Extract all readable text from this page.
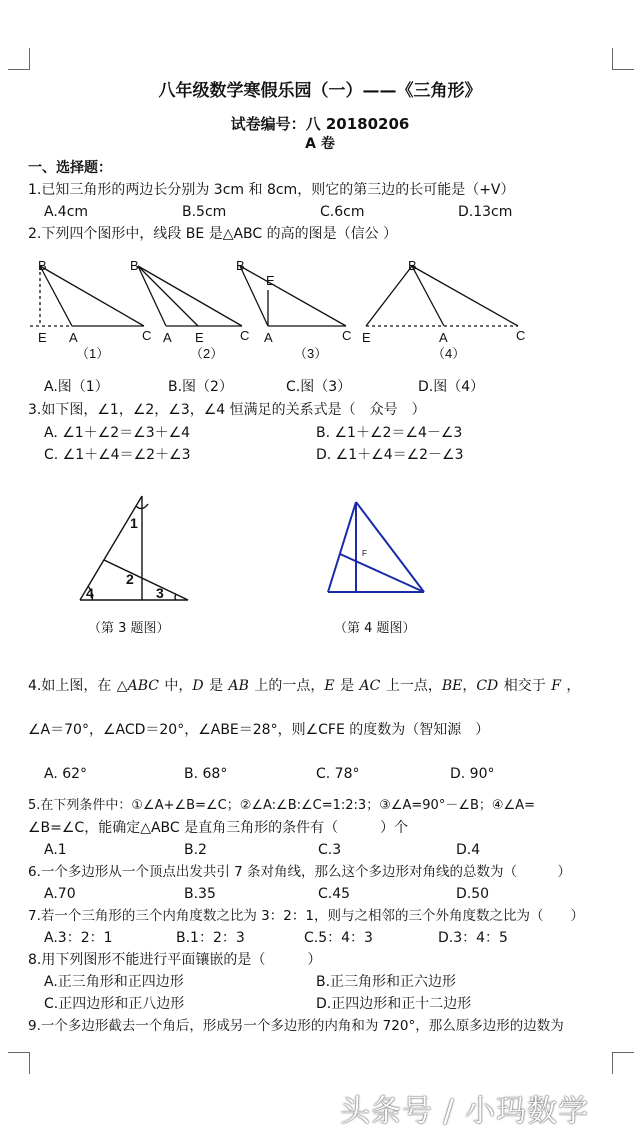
八年级数学寒假乐园（一）——《三角形》
试卷编号：八 20180206
A 卷
一、选择题：
1.已知三角形的两边长分别为 3cm 和 8cm，则它的第三边的长可能是（+V）
A.4cm	B.5cm	C.6cm	D.13cm
2.下列四个图形中，线段 BE 是△ABC 的高的图是（信公 ）
B
E A	C
B
A E	C
B
E
A	C
B
E	A	C
（1）	（2）	（3）	（4）
A.图（1）	B.图（2）	C.图（3）	D.图（4）
3.如下图，∠1，∠2，∠3，∠4 恒满足的关系式是（　众号　）
A. ∠1＋∠2＝∠3＋∠4	B. ∠1＋∠2＝∠4－∠3
C. ∠1＋∠4＝∠2＋∠3	D. ∠1＋∠4＝∠2－∠3
1
2
3
4
（第 3 题图）
F
（第 4 题图）
4.如上图，在 △ABC 中，D 是 AB 上的一点，E 是 AC 上一点，BE，CD 相交于 F ，
∠A＝70°，∠ACD＝20°，∠ABE＝28°，则∠CFE 的度数为（智知源　）
A. 62°	B. 68°	C. 78°	D. 90°
5.在下列条件中：①∠A+∠B=∠C；②∠A:∠B:∠C=1:2:3；③∠A=90°－∠B；④∠A=
∠B=∠C，能确定△ABC 是直角三角形的条件有（　　　）个
A.1	B.2	C.3	D.4
6.一个多边形从一个顶点出发共引 7 条对角线，那么这个多边形对角线的总数为（　　　）
A.70	B.35	C.45	D.50
7.若一个三角形的三个内角度数之比为 3：2：1，则与之相邻的三个外角度数之比为（　　）
A.3：2：1	B.1：2：3	C.5：4：3	D.3：4：5
8.用下列图形不能进行平面镶嵌的是（　　　）
A.正三角形和正四边形	B.正三角形和正六边形
C.正四边形和正八边形	D.正四边形和正十二边形
9.一个多边形截去一个角后，形成另一个多边形的内角和为 720°，那么原多边形的边数为
头条号 / 小玛数学
